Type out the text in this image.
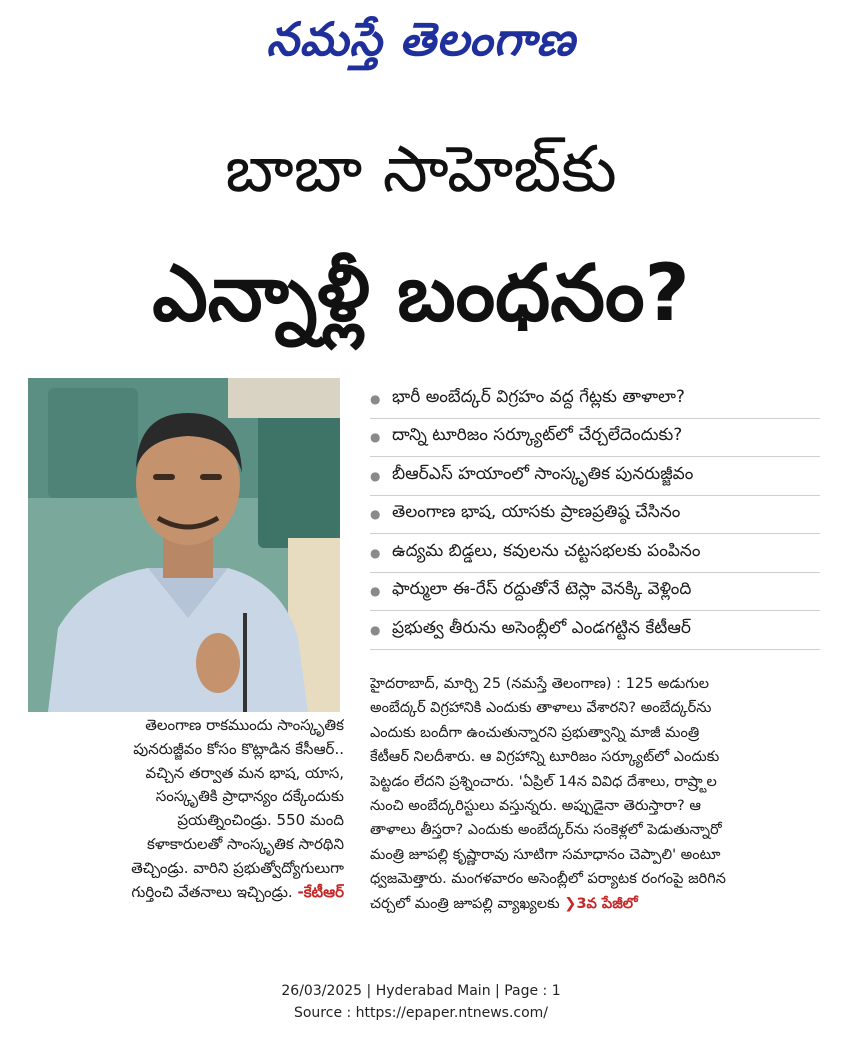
నమస్తే తెలంగాణ
బాబా సాహెబ్‌కు
ఎన్నాళ్లీ బంధనం?
తెలంగాణ రాకముందు సాంస్కృతిక
పునరుజ్జీవం కోసం కొట్లాడిన కేసీఆర్..
వచ్చిన తర్వాత మన భాష, యాస,
సంస్కృతికి ప్రాధాన్యం దక్కేందుకు
ప్రయత్నించిండ్రు. 550 మంది
కళాకారులతో సాంస్కృతిక సారథిని
తెచ్చిండ్రు. వారిని ప్రభుత్వోద్యోగులుగా
గుర్తించి వేతనాలు ఇచ్చిండ్రు. -కేటీఆర్
● భారీ అంబేద్కర్ విగ్రహం వద్ద గేట్లకు తాళాలా?
● దాన్ని టూరిజం సర్క్యూట్‌లో చేర్చలేదెందుకు?
● బీఆర్‌ఎస్ హయాంలో సాంస్కృతిక పునరుజ్జీవం
● తెలంగాణ భాష, యాసకు ప్రాణప్రతిష్ఠ చేసినం
● ఉద్యమ బిడ్డలు, కవులను చట్టసభలకు పంపినం
● ఫార్ములా ఈ-రేస్ రద్దుతోనే టెస్లా వెనక్కి వెళ్లింది
● ప్రభుత్వ తీరును అసెంబ్లీలో ఎండగట్టిన కేటీఆర్
హైదరాబాద్, మార్చి 25 (నమస్తే తెలంగాణ) : 125 అడుగుల
అంబేద్కర్ విగ్రహానికి ఎందుకు తాళాలు వేశారని? అంబేద్కర్‌ను
ఎందుకు బందీగా ఉంచుతున్నారని ప్రభుత్వాన్ని మాజీ మంత్రి
కేటీఆర్ నిలదీశారు. ఆ విగ్రహాన్ని టూరిజం సర్క్యూట్‌లో ఎందుకు
పెట్టడం లేదని ప్రశ్నించారు. 'ఏప్రిల్ 14న వివిధ దేశాలు, రాష్ర్టాల
నుంచి అంబేద్కరిస్టులు వస్తున్నరు. అప్పుడైనా తెరుస్తారా? ఆ
తాళాలు తీస్తరా? ఎందుకు అంబేద్కర్‌ను సంకెళ్లలో పెడుతున్నారో
మంత్రి జూపల్లి కృష్ణారావు సూటిగా సమాధానం చెప్పాలి' అంటూ
ధ్వజమెత్తారు. మంగళవారం అసెంబ్లీలో పర్యాటక రంగంపై జరిగిన
చర్చలో మంత్రి జూపల్లి వ్యాఖ్యలకు ❯3వ పేజీలో
26/03/2025 | Hyderabad Main | Page : 1
Source : https://epaper.ntnews.com/
